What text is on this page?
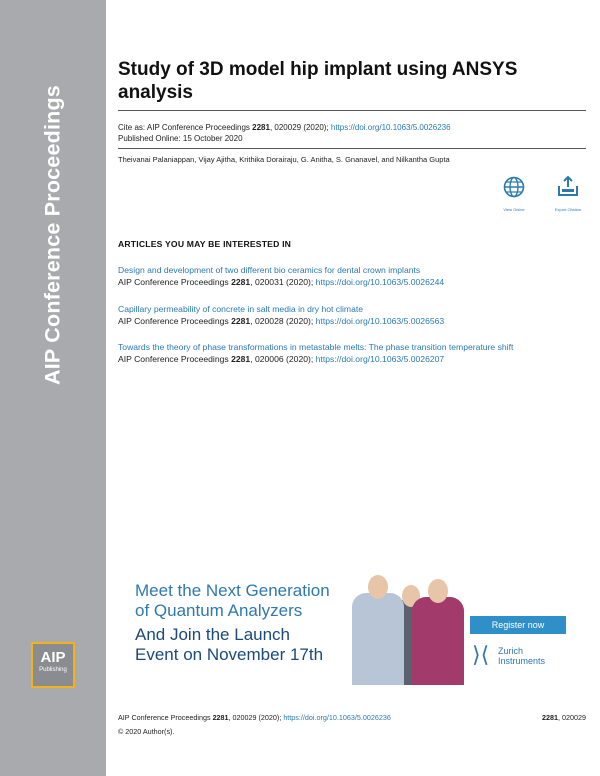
AIP Conference Proceedings
AIP
Publishing
Study of 3D model hip implant using ANSYS analysis
Cite as: AIP Conference Proceedings 2281, 020029 (2020); https://doi.org/10.1063/5.0026236
Published Online: 15 October 2020
Theivanai Palaniappan, Vijay Ajitha, Krithika Dorairaju, G. Anitha, S. Gnanavel, and Nilkantha Gupta
View Online	Export Citation
ARTICLES YOU MAY BE INTERESTED IN
Design and development of two different bio ceramics for dental crown implants
AIP Conference Proceedings 2281, 020031 (2020); https://doi.org/10.1063/5.0026244
Capillary permeability of concrete in salt media in dry hot climate
AIP Conference Proceedings 2281, 020028 (2020); https://doi.org/10.1063/5.0026563
Towards the theory of phase transformations in metastable melts: The phase transition temperature shift
AIP Conference Proceedings 2281, 020006 (2020); https://doi.org/10.1063/5.0026207
Meet the Next Generation
of Quantum Analyzers
And Join the Launch
Event on November 17th
Register now
⟩⟨ Zurich
Instruments
AIP Conference Proceedings 2281, 020029 (2020); https://doi.org/10.1063/5.0026236	2281, 020029
© 2020 Author(s).
